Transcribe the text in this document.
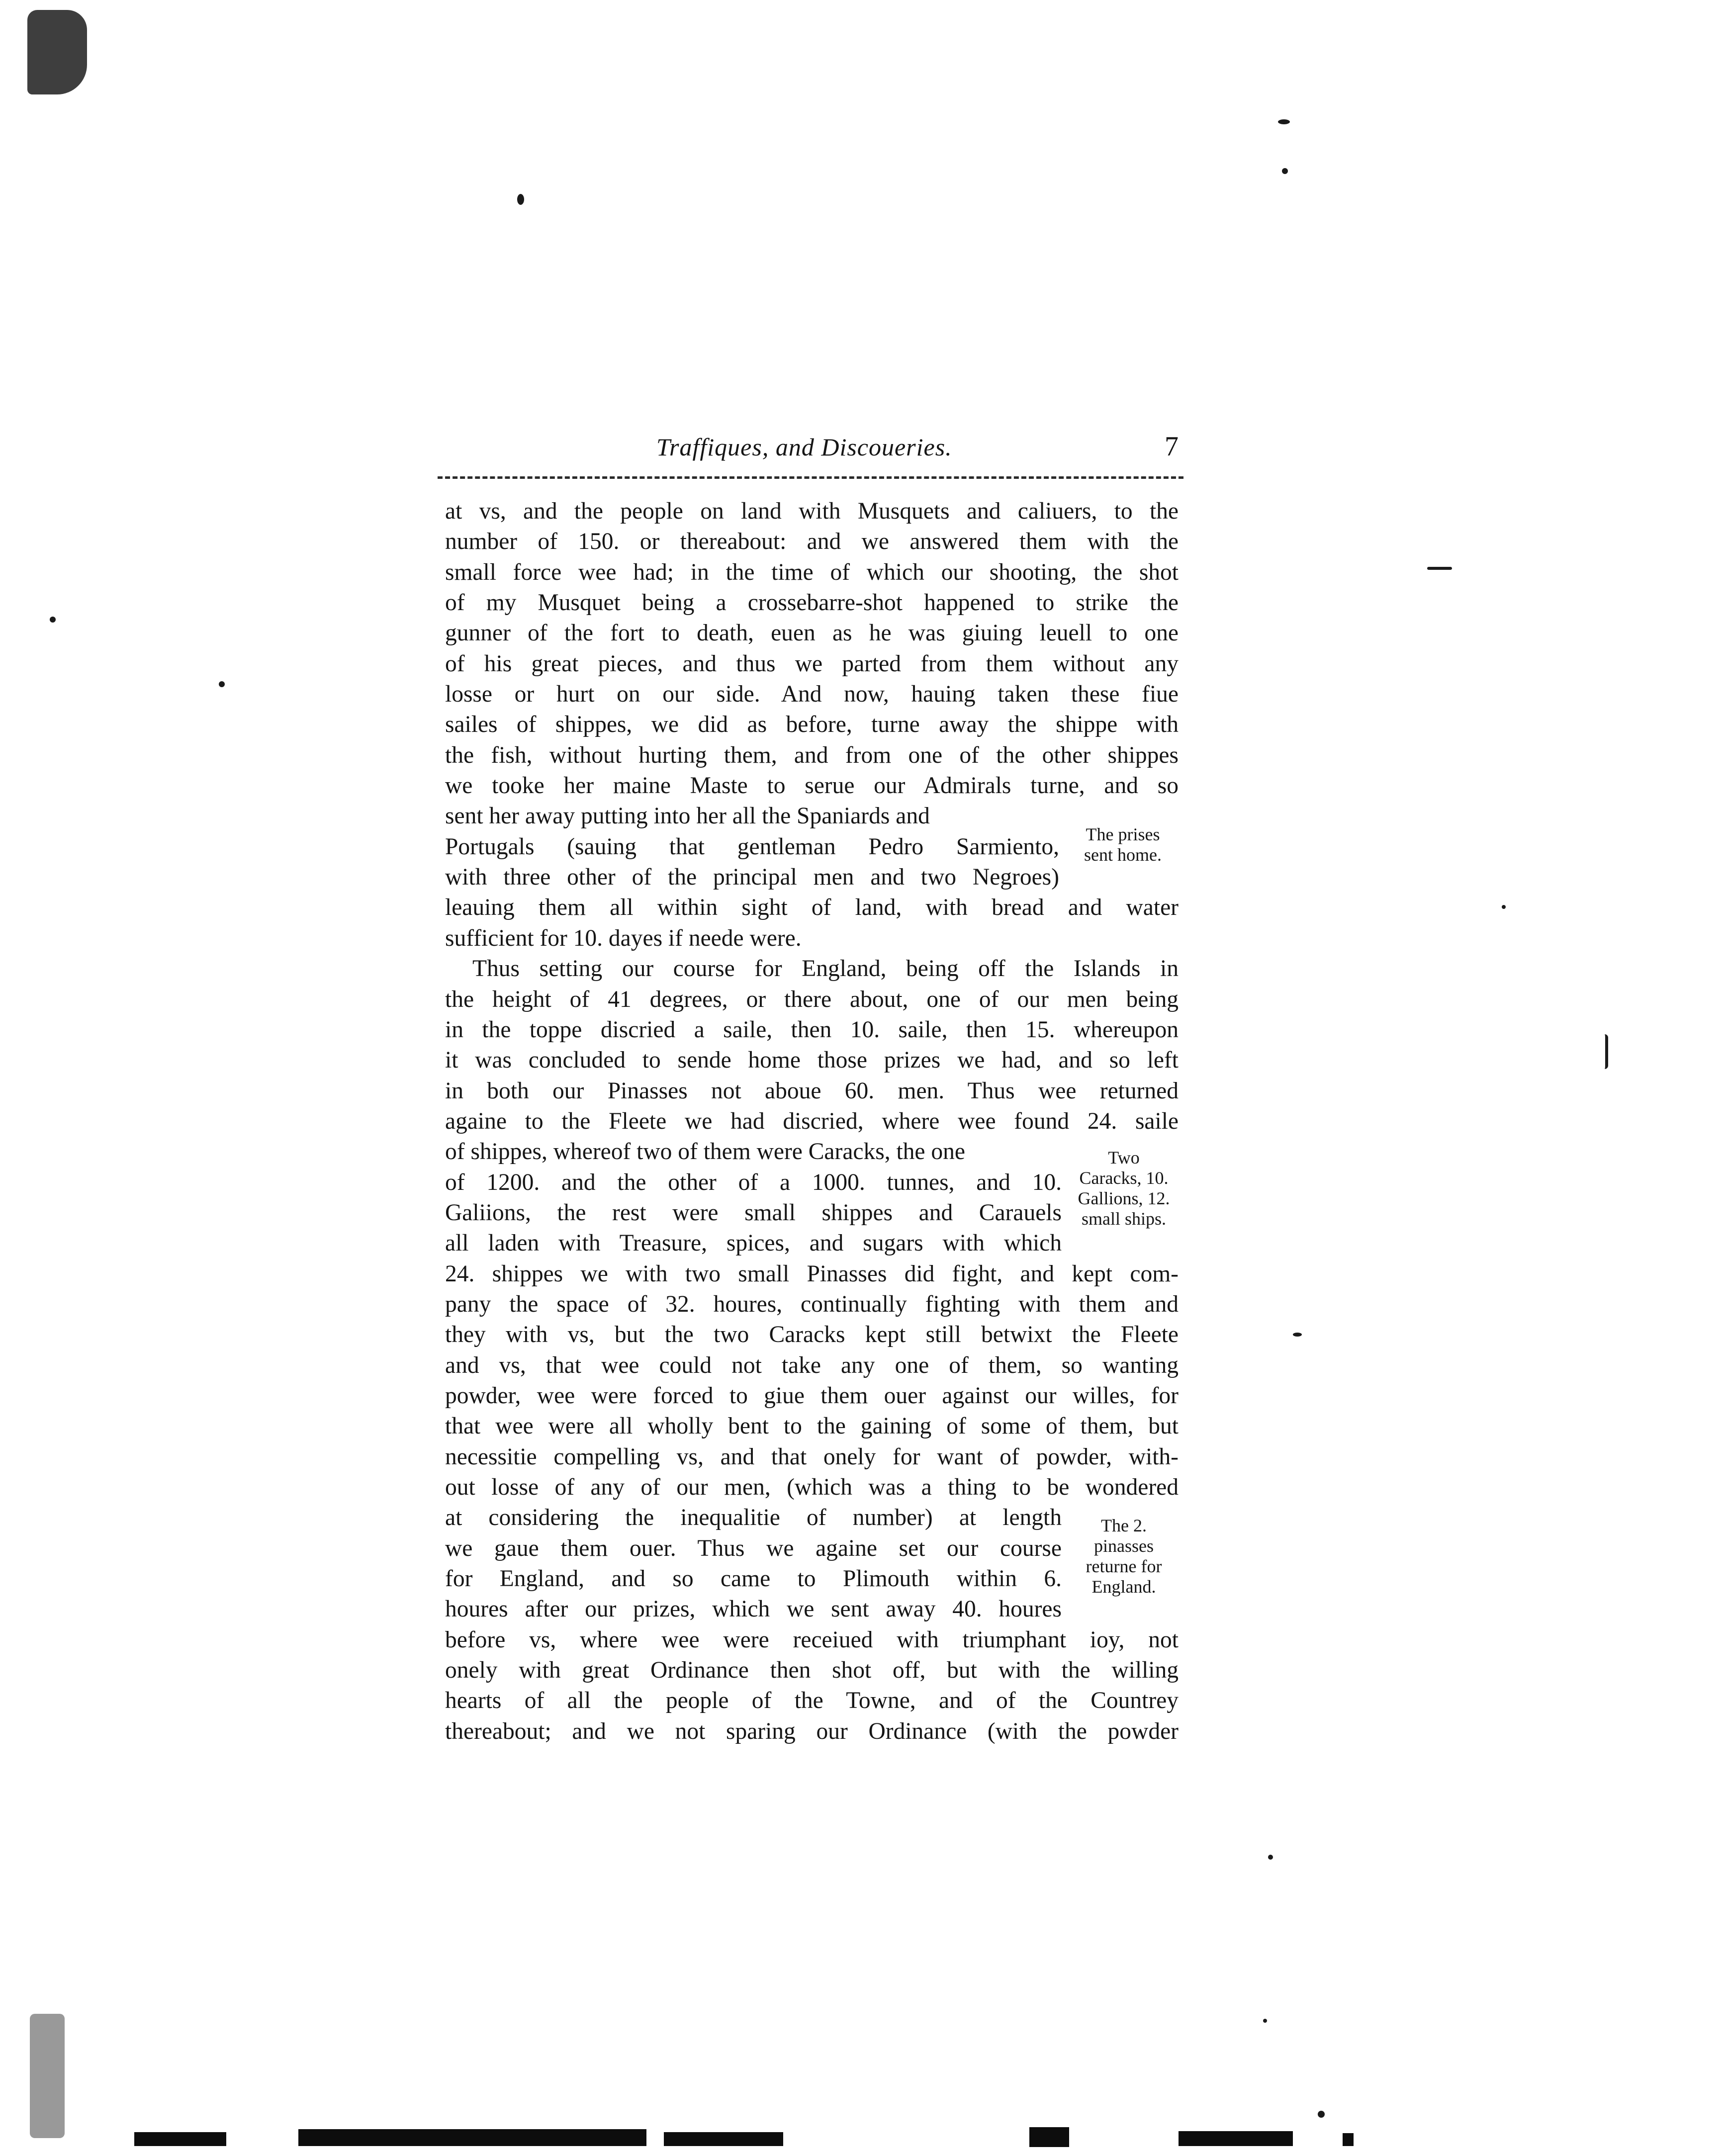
Traffiques, and Discoueries.	7
at vs, and the people on land with Musquets and caliuers, to the
number of 150. or thereabout: and we answered them with the
small force wee had; in the time of which our shooting, the shot
of my Musquet being a crossebarre-shot happened to strike the
gunner of the fort to death, euen as he was giuing leuell to one
of his great pieces, and thus we parted from them without any
losse or hurt on our side. And now, hauing taken these fiue
sailes of shippes, we did as before, turne away the shippe with
the fish, without hurting them, and from one of the other shippes
we tooke her maine Maste to serue our Admirals turne, and so
sent her away putting into her all the Spaniards and
Portugals (sauing that gentleman Pedro Sarmiento,
with three other of the principal men and two Negroes)
leauing them all within sight of land, with bread and water
sufficient for 10. dayes if neede were.
Thus setting our course for England, being off the Islands in
the height of 41 degrees, or there about, one of our men being
in the toppe discried a saile, then 10. saile, then 15. whereupon
it was concluded to sende home those prizes we had, and so left
in both our Pinasses not aboue 60. men. Thus wee returned
againe to the Fleete we had discried, where wee found 24. saile
of shippes, whereof two of them were Caracks, the one
of 1200. and the other of a 1000. tunnes, and 10.
Galiions, the rest were small shippes and Carauels
all laden with Treasure, spices, and sugars with which
24. shippes we with two small Pinasses did fight, and kept com-
pany the space of 32. houres, continually fighting with them and
they with vs, but the two Caracks kept still betwixt the Fleete
and vs, that wee could not take any one of them, so wanting
powder, wee were forced to giue them ouer against our willes, for
that wee were all wholly bent to the gaining of some of them, but
necessitie compelling vs, and that onely for want of powder, with-
out losse of any of our men, (which was a thing to be wondered
at considering the inequalitie of number) at length
we gaue them ouer. Thus we againe set our course
for England, and so came to Plimouth within 6.
houres after our prizes, which we sent away 40. houres
before vs, where wee were receiued with triumphant ioy, not
onely with great Ordinance then shot off, but with the willing
hearts of all the people of the Towne, and of the Countrey
thereabout; and we not sparing our Ordinance (with the powder
The prises
sent home.
Two
Caracks, 10.
Gallions, 12.
small ships.
The 2.
pinasses
returne for
England.
